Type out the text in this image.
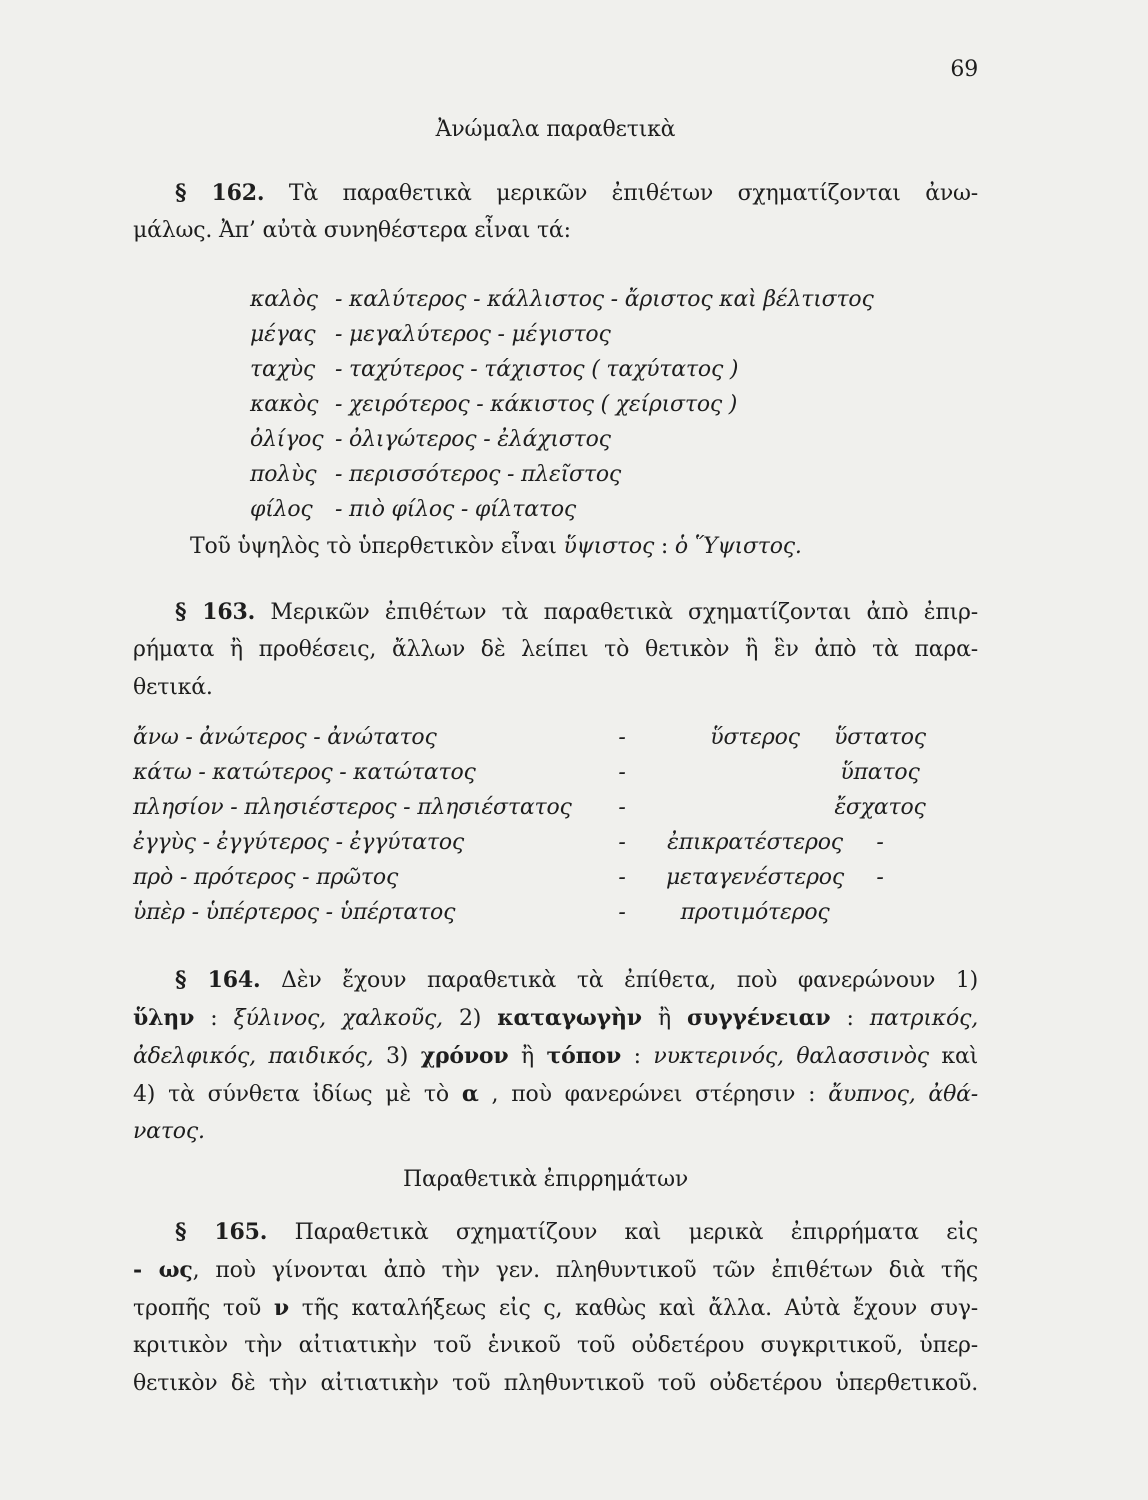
69
Ἀνώμαλα παραθετικὰ
§ 162. Τὰ παραθετικὰ μερικῶν ἐπιθέτων σχηματίζονται ἀνω-
μάλως. Ἀπ’ αὐτὰ συνηθέστερα εἶναι τά:
καλὸς - καλύτερος - κάλλιστος - ἄριστος καὶ βέλτιστος
μέγας - μεγαλύτερος - μέγιστος
ταχὺς - ταχύτερος - τάχιστος ( ταχύτατος )
κακὸς - χειρότερος - κάκιστος ( χείριστος )
ὀλίγος - ὀλιγώτερος - ἐλάχιστος
πολὺς - περισσότερος - πλεῖστος
φίλος - πιὸ φίλος - φίλτατος
Τοῦ ὑψηλὸς τὸ ὑπερθετικὸν εἶναι ὕψιστος : ὁ Ὕψιστος.
§ 163. Μερικῶν ἐπιθέτων τὰ παραθετικὰ σχηματίζονται ἀπὸ ἐπιρ-
ρήματα ἢ προθέσεις, ἄλλων δὲ λείπει τὸ θετικὸν ἢ ἓν ἀπὸ τὰ παρα-
θετικά.
ἄνω - ἀνώτερος - ἀνώτατος	-	ὕστερος	ὕστατος
κάτω - κατώτερος - κατώτατος	-	ὕπατος
πλησίον - πλησιέστερος - πλησιέστατος -	ἔσχατος
ἐγγὺς - ἐγγύτερος - ἐγγύτατος	-	ἐπικρατέστερος	-
πρὸ - πρότερος - πρῶτος	- μεταγενέστερος	-
ὑπὲρ - ὑπέρτερος - ὑπέρτατος	-	προτιμότερος
§ 164. Δὲν ἔχουν παραθετικὰ τὰ ἐπίθετα, ποὺ φανερώνουν 1)
ὕλην : ξύλινος, χαλκοῦς, 2) καταγωγὴν ἢ συγγένειαν : πατρικός,
ἀδελφικός, παιδικός, 3) χρόνον ἢ τόπον : νυκτερινός, θαλασσινὸς καὶ
4) τὰ σύνθετα ἰδίως μὲ τὸ α , ποὺ φανερώνει στέρησιν : ἄυπνος, ἀθά-
νατος.
Παραθετικὰ ἐπιρρημάτων
§ 165. Παραθετικὰ σχηματίζουν καὶ μερικὰ ἐπιρρήματα εἰς
- ως, ποὺ γίνονται ἀπὸ τὴν γεν. πληθυντικοῦ τῶν ἐπιθέτων διὰ τῆς
τροπῆς τοῦ ν τῆς καταλήξεως εἰς ς, καθὼς καὶ ἄλλα. Αὐτὰ ἔχουν συγ-
κριτικὸν τὴν αἰτιατικὴν τοῦ ἑνικοῦ τοῦ οὐδετέρου συγκριτικοῦ, ὑπερ-
θετικὸν δὲ τὴν αἰτιατικὴν τοῦ πληθυντικοῦ τοῦ οὐδετέρου ὑπερθετικοῦ.
